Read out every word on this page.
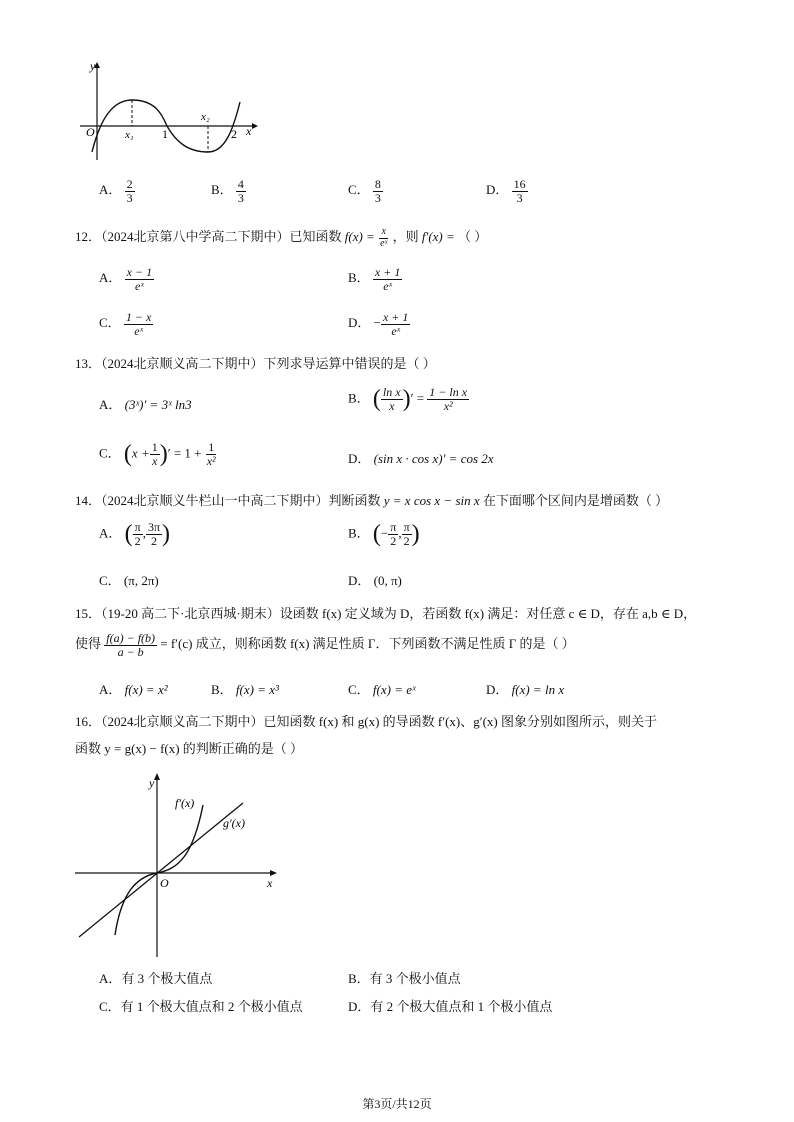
y
O	x₁ 1
x₂
2 x
A． $\frac{2}{3}$	B． $\frac{4}{3}$	C． $\frac{8}{3}$	D． $\frac{16}{3}$
12．（2024北京第八中学高二下期中）已知函数 $f(x) = \frac{x}{\text{eˣ}}$ ，则 f′(x) = （ ）
A． $\frac{x - 1}{\text{eˣ}}$	B． $\frac{x + 1}{\text{eˣ}}$
C． $\frac{1 - x}{\text{eˣ}}$	D． − $\frac{x + 1}{\text{eˣ}}$
13．（2024北京顺义高二下期中）下列求导运算中错误的是（ ）
A． (3ˣ)′ = 3ˣ ln3	B． ( $\frac{\text{ln x}}{x}$ )′ = $\frac{\text{1 − ln x}}{\text{x²}}$
C． ($x + \frac{1}{x}$ )′ = $1 + \frac{1}{\text{x²}}$	D． (sin x · cos x)′ = cos 2x
14．（2024北京顺义牛栏山一中高二下期中）判断函数 y = x cos x − sin x 在下面哪个区间内是增函数（ ）
A． ( $\frac{\pi}{2}$ , $\frac{3\pi}{2}$ )	B． (− $\frac{\pi}{2}$ , $\frac{\pi}{2}$ )
C． (π, 2π)	D． (0, π)
15．（19-20 高二下·北京西城·期末）设函数 f(x) 定义域为 D，若函数 f(x) 满足：对任意 c ∈ D，存在 a,b ∈ D，
使得 $\frac{f(a) - f(b)}{a - b} = f'(c)$ 成立，则称函数 f(x) 满足性质 Γ．下列函数不满足性质 Γ 的是（ ）
A． f(x) = x²	B． f(x) = x³	C． f(x) = eˣ	D． f(x) = ln x
16．（2024北京顺义高二下期中）已知函数 f(x) 和 g(x) 的导函数 f′(x)、g′(x) 图象分别如图所示，则关于
函数 y = g(x) − f(x) 的判断正确的是（ ）
y
O	x
f′(x)
g′(x)
A．有 3 个极大值点	B．有 3 个极小值点
C．有 1 个极大值点和 2 个极小值点	D．有 2 个极大值点和 1 个极小值点
第3页/共12页
